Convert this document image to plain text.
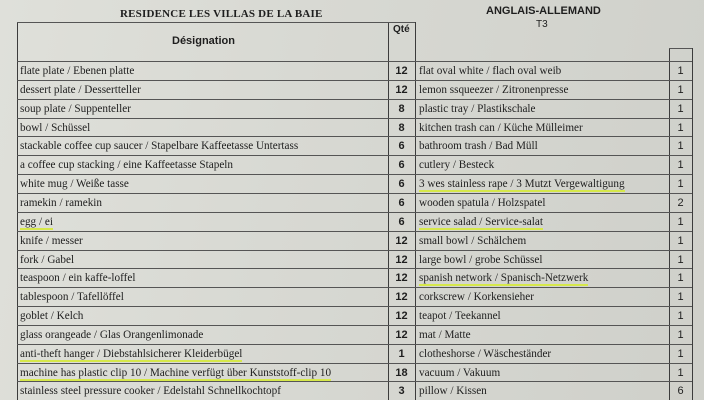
RESIDENCE LES VILLAS DE LA BAIE	ANGLAIS-ALLEMAND
T3
Désignation
Qté
flate plate / Ebenen platte	12
dessert plate / Dessertteller	12
soup plate / Suppenteller	8
bowl / Schüssel	8
stackable coffee cup saucer / Stapelbare Kaffeetasse Untertass	6
a coffee cup stacking / eine Kaffeetasse Stapeln	6
white mug / Weiße tasse	6
ramekin / ramekin	6
egg / ei	6
knife / messer	12
fork / Gabel	12
teaspoon / ein kaffe-loffel	12
tablespoon / Tafellöffel	12
goblet / Kelch	12
glass orangeade / Glas Orangenlimonade	12
anti-theft hanger / Diebstahlsicherer Kleiderbügel	1
machine has plastic clip 10 / Machine verfügt über Kunststoff-clip 10	18
stainless steel pressure cooker / Edelstahl Schnellkochtopf	3
flat oval white / flach oval weib	1
lemon ssqueezer / Zitronenpresse	1
plastic tray / Plastikschale	1
kitchen trash can / Küche Mülleimer	1
bathroom trash / Bad Müll	1
cutlery / Besteck	1
3 wes stainless rape / 3 Mutzt Vergewaltigung	1
wooden spatula / Holzspatel	2
service salad / Service-salat	1
small bowl / Schälchem	1
large bowl / grobe Schüssel	1
spanish network / Spanisch-Netzwerk	1
corkscrew / Korkensieher	1
teapot / Teekannel	1
mat / Matte	1
clotheshorse / Wäscheständer	1
vacuum / Vakuum	1
pillow / Kissen	6
